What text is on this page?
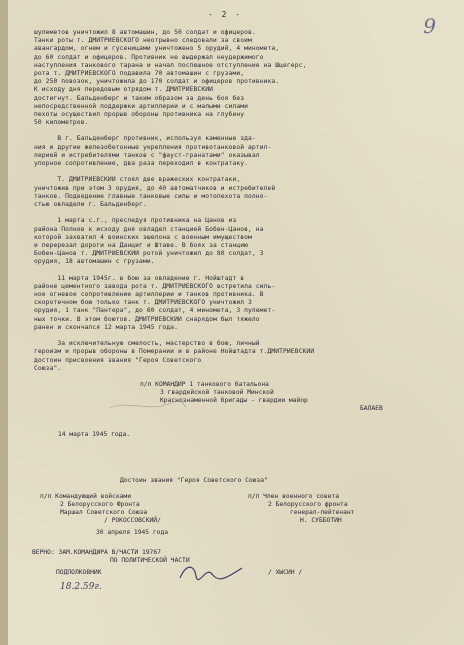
- 2 -	9
шулеметов уничтожил 8 автомашин, до 50 солдат и офицеров.
Танки роты т. ДМИТРИЕВСКОГО неотрывно следовали за своим
авангардом, огнем и гусеницами уничтожено 5 орудий, 4 минометa,
до 60 солдат и офицеров. Противник не выдержал неудержимого
наступления танкового тарана и начал поспешное отступление на Шцегерс,
рота т. ДМИТРИЕВСКОГО подавила 70 автомашин с грузами,
до 250 повозок, уничтожила до 170 солдат и офицеров противника.
К исходу дня передовым отрядом т. ДМИТРИЕВСКИЙ
достигнут. Бальденберг и таким образом за день боя без
непосредственной поддержки артиллерии и с малыми силами
пехоты осуществил прорыв обороны противника на глубину
50 километров.
В г. Бальденберг противник, используя каменные зда-
ния и другие железобетонные укрепления противотанковой артил-
лерией и истребителями танков с "фауст-гранатами" оказывал
упорное сопротивление, два раза переходил в контратаку.
Т. ДМИТРИЕВСКИЙ стоял две вражеских контратаки,
уничтожив при этом 3 орудия, до 40 автоматчиков и истребителей
танков. Подведение главные танковые силы и мотопехота полно-
стью овладели г. Бальденберг.
1 марта с.г., преследуя противника на Цанов из
района Полнов к исходу дня овладел станцией Бобен-Цанов, на
которой захватил 4 воинских эшелона с военным имуществом
и перерезал дороги на Данциг и Штаве. В боях за станцию
Бобен-Цанов т. ДМИТРИЕВСКИЙ ротой уничтожил до 80 солдат, 3
орудия, 18 автомашин с грузами.
11 марта 1945г. в бою за овладение г. Нойштадт в
районе цементного завода рота т. ДМИТРИЕВСКОГО встретила силь-
ное огневое сопротивление артиллерии и танков противника. В
скоротечном бою только танк т. ДМИТРИЕВСКОГО уничтожил 3
орудия, 1 танк "Пантера", до 60 солдат, 4 миномета, 3 пулемет-
ных точки. В этом боютов. ДМИТРИЕВСКИЙ снарядом был тяжело
ранен и скончался 12 марта 1945 года.
За исключительную смелость, мастерство в бою, личный
героизм и прорыв обороны в Померании и в районе Нойштадта т.ДМИТРИЕВСКИЙ
достоин присвоения звания "Героя Советского
Союза".
п/п КОМАНДИР 1 танкового батальона
3 гвардейской танковой Минской
Краснознаменной бригады - гвардии майор
БАЛАЕВ
14 марта 1945 года.
Достоин звания "Героя Советского Союза"
п/п Командующий войсками
2 Белорусского Фронта
Маршал Советского Союза
/ РОКОССОВСКИЙ/
п/п Член военного совета
2 Белорусского фронта
генерал-лейтенант
Н. СУББОТИН
30 апреля 1945 года
ВЕРНО: ЗАМ.КОМАНДИРА В/ЧАСТИ 19767
ПО ПОЛИТИЧЕСКОЙ ЧАСТИ
ПОДПОЛКОВНИК	/ ХЫСИН /
18.2.59г.
